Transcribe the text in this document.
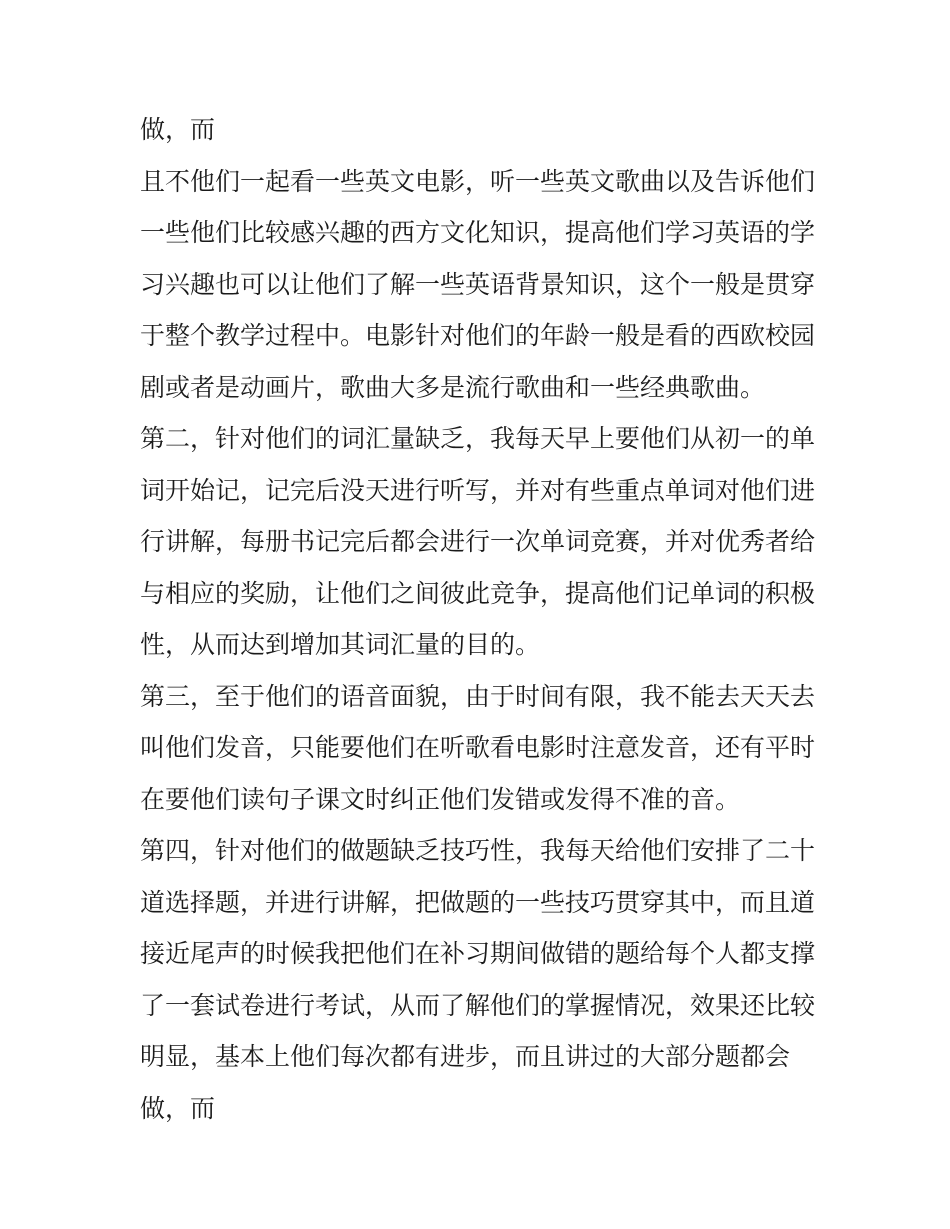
做，而
且不他们一起看一些英文电影，听一些英文歌曲以及告诉他们
一些他们比较感兴趣的西方文化知识，提高他们学习英语的学
习兴趣也可以让他们了解一些英语背景知识，这个一般是贯穿
于整个教学过程中。电影针对他们的年龄一般是看的西欧校园
剧或者是动画片，歌曲大多是流行歌曲和一些经典歌曲。
第二，针对他们的词汇量缺乏，我每天早上要他们从初一的单
词开始记，记完后没天进行听写，并对有些重点单词对他们进
行讲解，每册书记完后都会进行一次单词竞赛，并对优秀者给
与相应的奖励，让他们之间彼此竞争，提高他们记单词的积极
性，从而达到增加其词汇量的目的。
第三，至于他们的语音面貌，由于时间有限，我不能去天天去
叫他们发音，只能要他们在听歌看电影时注意发音，还有平时
在要他们读句子课文时纠正他们发错或发得不准的音。
第四，针对他们的做题缺乏技巧性，我每天给他们安排了二十
道选择题，并进行讲解，把做题的一些技巧贯穿其中，而且道
接近尾声的时候我把他们在补习期间做错的题给每个人都支撑
了一套试卷进行考试，从而了解他们的掌握情况，效果还比较
明显，基本上他们每次都有进步，而且讲过的大部分题都会
做，而
